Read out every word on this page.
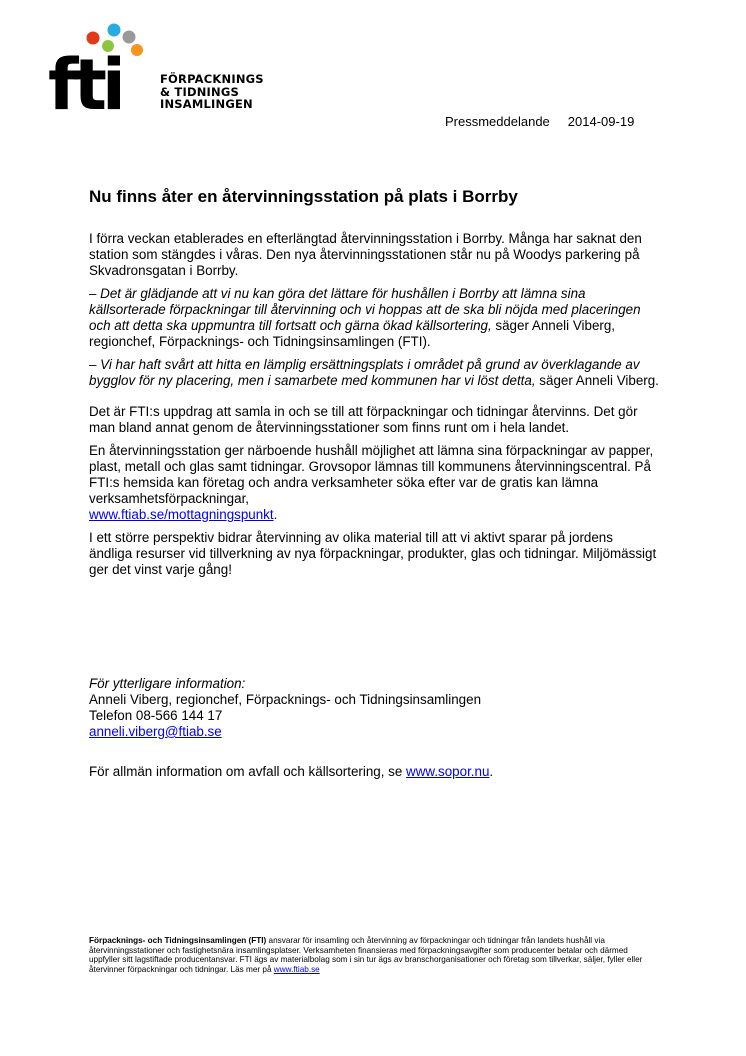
fti	FÖRPACKNINGS
& TIDNINGS
INSAMLINGEN
Pressmeddelande 2014-09-19
Nu finns åter en återvinningsstation på plats i Borrby

I förra veckan etablerades en efterlängtad återvinningsstation i Borrby. Många har saknat den station som stängdes i våras. Den nya återvinningsstationen står nu på Woodys parkering på Skvadronsgatan i Borrby.

– Det är glädjande att vi nu kan göra det lättare för hushållen i Borrby att lämna sina källsorterade förpackningar till återvinning och vi hoppas att de ska bli nöjda med placeringen och att detta ska uppmuntra till fortsatt och gärna ökad källsortering, säger Anneli Viberg, regionchef, Förpacknings- och Tidningsinsamlingen (FTI).

– Vi har haft svårt att hitta en lämplig ersättningsplats i området på grund av överklagande av bygglov för ny placering, men i samarbete med kommunen har vi löst detta, säger Anneli Viberg.

Det är FTI:s uppdrag att samla in och se till att förpackningar och tidningar återvinns. Det gör man bland annat genom de återvinningsstationer som finns runt om i hela landet.

En återvinningsstation ger närboende hushåll möjlighet att lämna sina förpackningar av papper, plast, metall och glas samt tidningar. Grovsopor lämnas till kommunens återvinningscentral. På FTI:s hemsida kan företag och andra verksamheter söka efter var de gratis kan lämna verksamhetsförpackningar,
www.ftiab.se/mottagningspunkt.

I ett större perspektiv bidrar återvinning av olika material till att vi aktivt sparar på jordens ändliga resurser vid tillverkning av nya förpackningar, produkter, glas och tidningar. Miljömässigt ger det vinst varje gång!

För ytterligare information:
Anneli Viberg, regionchef, Förpacknings- och Tidningsinsamlingen
Telefon 08-566 144 17
anneli.viberg@ftiab.se
För allmän information om avfall och källsortering, se www.sopor.nu.
Förpacknings- och Tidningsinsamlingen (FTI) ansvarar för insamling och återvinning av förpackningar och tidningar från landets hushåll via återvinningsstationer och fastighetsnära insamlingsplatser. Verksamheten finansieras med förpackningsavgifter som producenter betalar och därmed uppfyller sitt lagstiftade producentansvar. FTI ägs av materialbolag som i sin tur ägs av branschorganisationer och företag som tillverkar, säljer, fyller eller återvinner förpackningar och tidningar. Läs mer på www.ftiab.se
